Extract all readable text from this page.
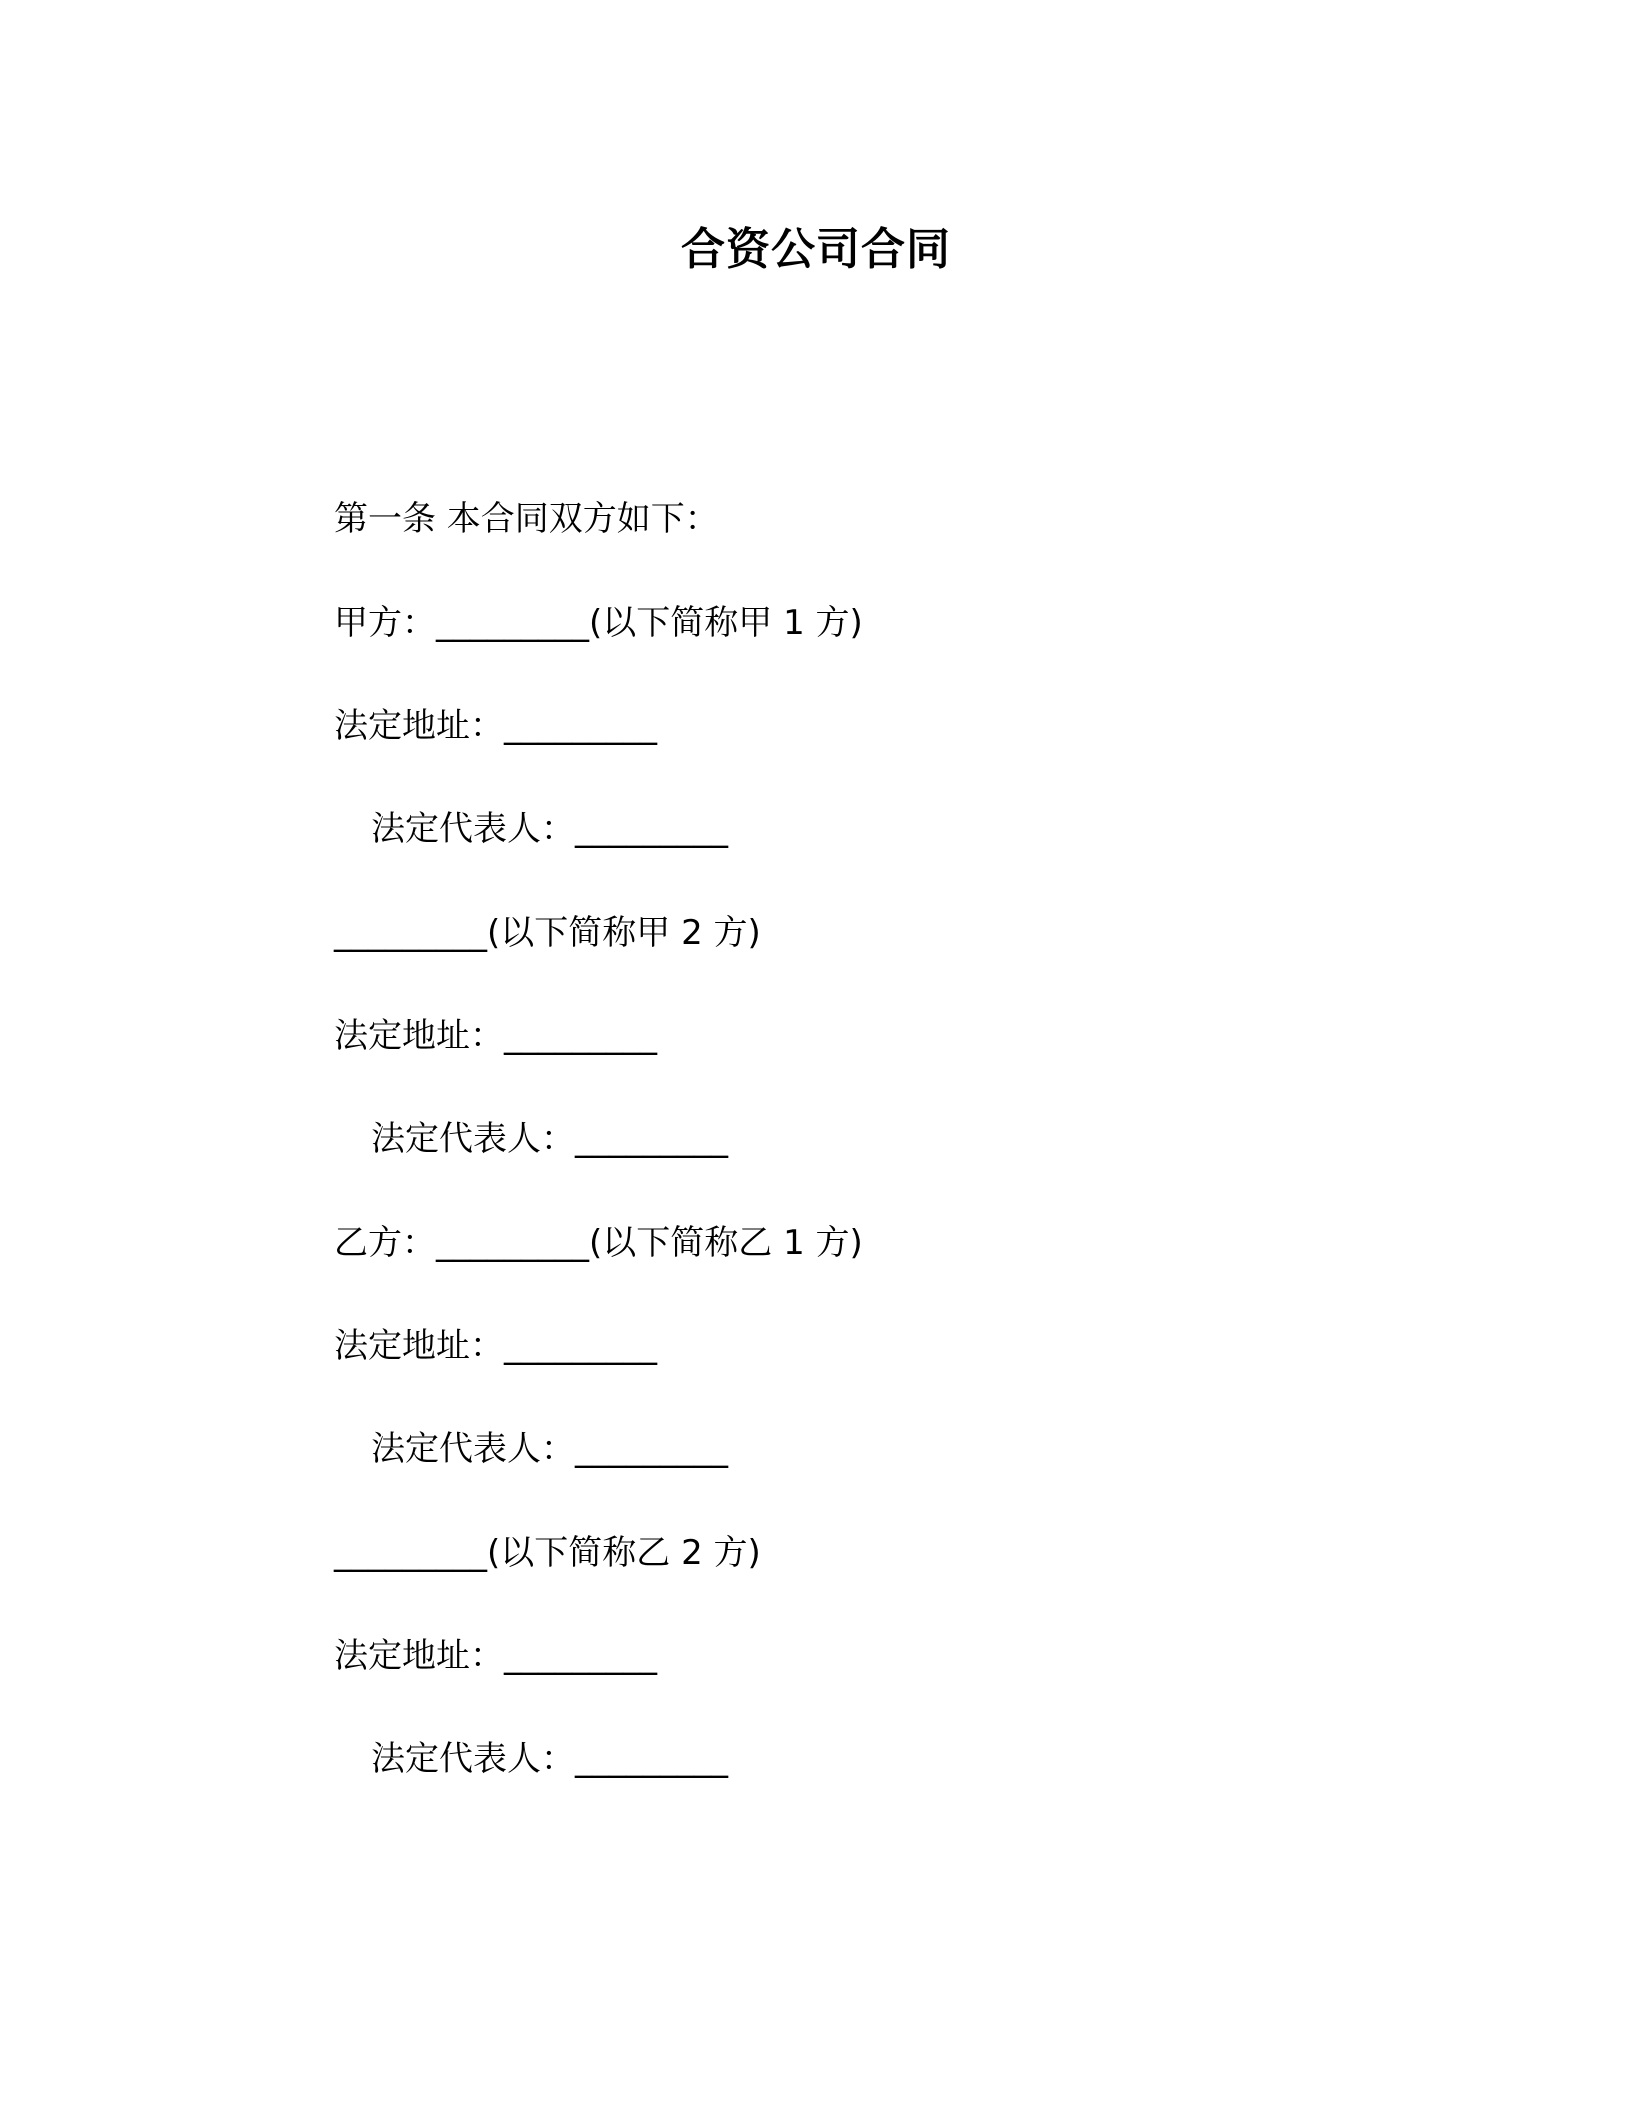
合资公司合同
第一条 本合同双方如下：
甲方：_________(以下简称甲 1 方)
法定地址：_________
法定代表人：_________
_________(以下简称甲 2 方)
法定地址：_________
法定代表人：_________
乙方：_________(以下简称乙 1 方)
法定地址：_________
法定代表人：_________
_________(以下简称乙 2 方)
法定地址：_________
法定代表人：_________
